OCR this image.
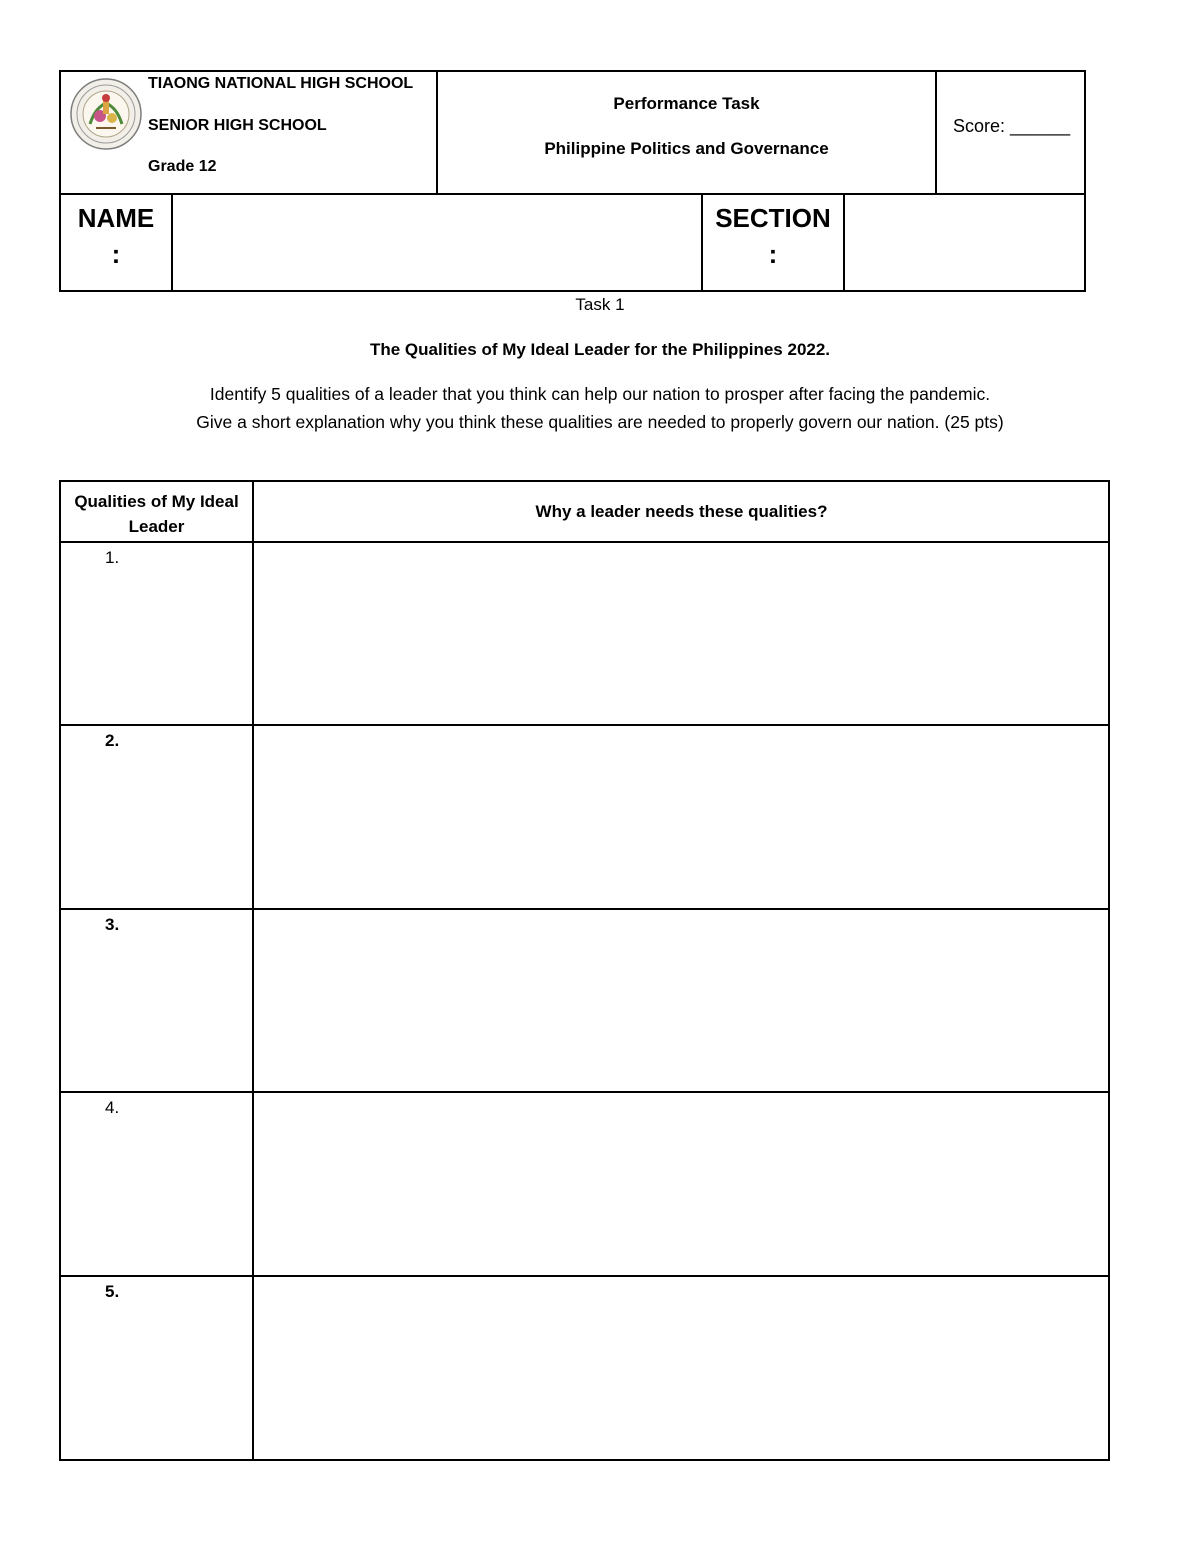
TIAONG NATIONAL HIGH SCHOOL
SENIOR HIGH SCHOOL
Grade 12
Performance Task
Philippine Politics and Governance
Score: ______
NAME
:
SECTION
:
Task 1
The Qualities of My Ideal Leader for the Philippines 2022.
Identify 5 qualities of a leader that you think can help our nation to prosper after facing the pandemic.
Give a short explanation why you think these qualities are needed to properly govern our nation. (25 pts)
Qualities of My Ideal Leader
Why a leader needs these qualities?
1.
2.
3.
4.
5.
